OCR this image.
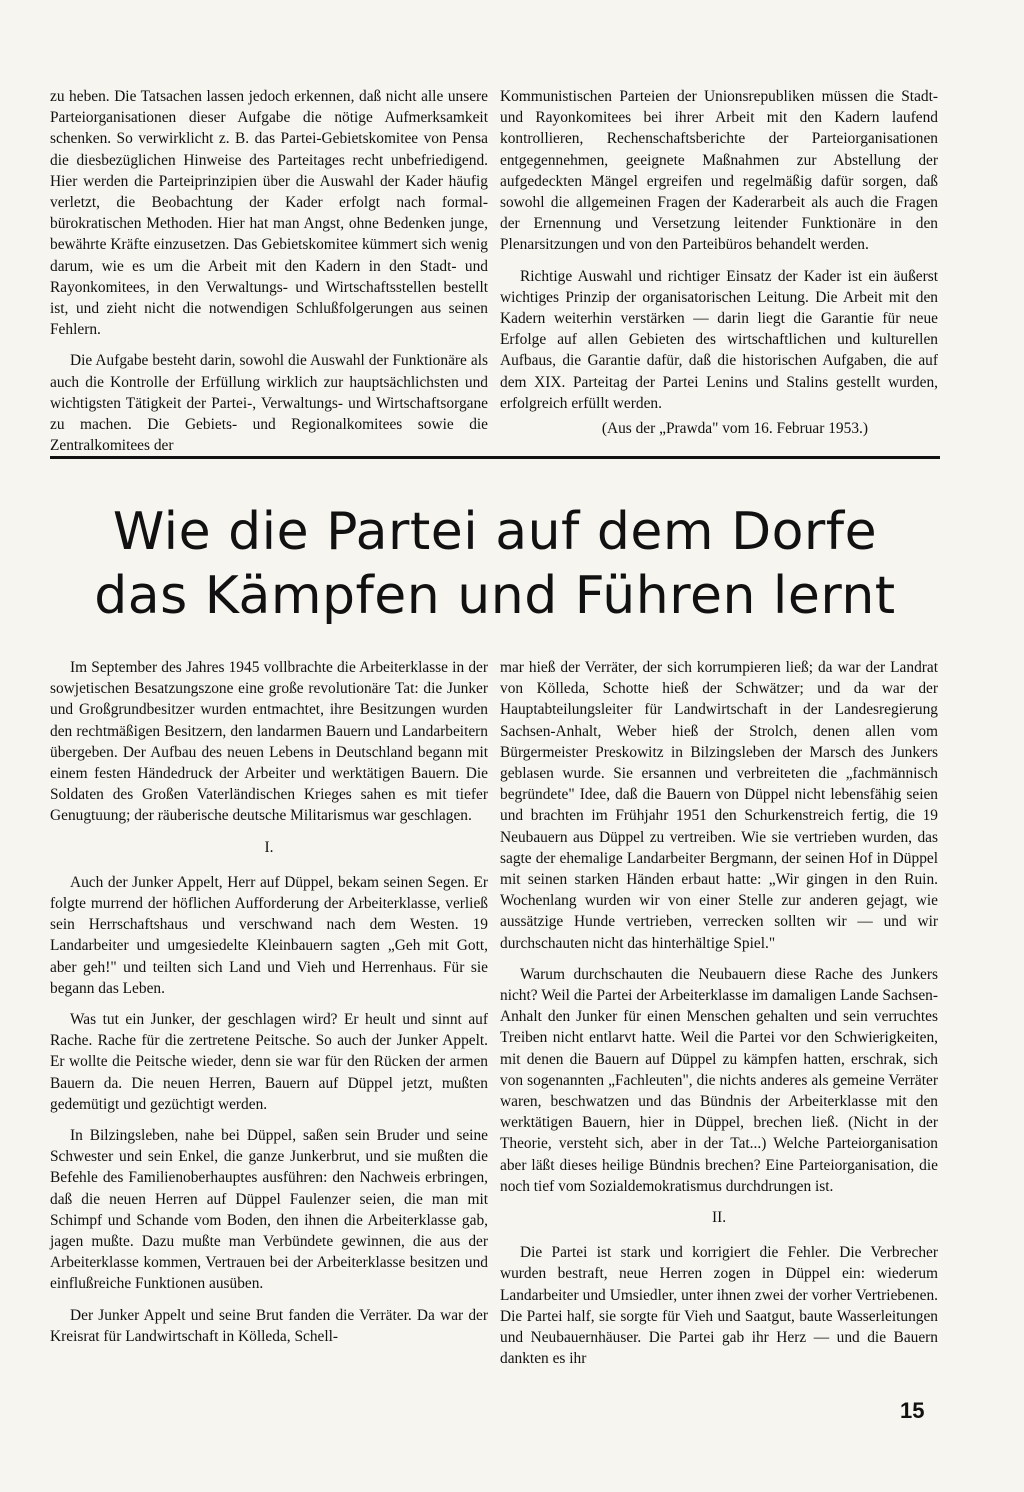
zu heben. Die Tatsachen lassen jedoch erkennen, daß nicht alle unsere Parteiorganisationen dieser Aufgabe die nötige Aufmerksamkeit schenken. So verwirklicht z. B. das Partei-Gebietskomitee von Pensa die diesbezüglichen Hinweise des Parteitages recht unbefriedigend. Hier werden die Parteiprinzipien über die Auswahl der Kader häufig verletzt, die Beobachtung der Kader erfolgt nach formal-bürokratischen Methoden. Hier hat man Angst, ohne Bedenken junge, bewährte Kräfte einzusetzen. Das Gebietskomitee kümmert sich wenig darum, wie es um die Arbeit mit den Kadern in den Stadt- und Rayonkomitees, in den Verwaltungs- und Wirtschaftsstellen bestellt ist, und zieht nicht die notwendigen Schlußfolgerungen aus seinen Fehlern.

Die Aufgabe besteht darin, sowohl die Auswahl der Funktionäre als auch die Kontrolle der Erfüllung wirklich zur hauptsächlichsten und wichtigsten Tätigkeit der Partei-, Verwaltungs- und Wirtschaftsorgane zu machen. Die Gebiets- und Regionalkomitees sowie die Zentralkomitees der

Kommunistischen Parteien der Unionsrepubliken müssen die Stadt- und Rayonkomitees bei ihrer Arbeit mit den Kadern laufend kontrollieren, Rechenschaftsberichte der Parteiorganisationen entgegennehmen, geeignete Maßnahmen zur Abstellung der aufgedeckten Mängel ergreifen und regelmäßig dafür sorgen, daß sowohl die allgemeinen Fragen der Kaderarbeit als auch die Fragen der Ernennung und Versetzung leitender Funktionäre in den Plenarsitzungen und von den Parteibüros behandelt werden.

Richtige Auswahl und richtiger Einsatz der Kader ist ein äußerst wichtiges Prinzip der organisatorischen Leitung. Die Arbeit mit den Kadern weiterhin verstärken — darin liegt die Garantie für neue Erfolge auf allen Gebieten des wirtschaftlichen und kulturellen Aufbaus, die Garantie dafür, daß die historischen Aufgaben, die auf dem XIX. Parteitag der Partei Lenins und Stalins gestellt wurden, erfolgreich erfüllt werden.

(Aus der „Prawda" vom 16. Februar 1953.)
Wie die Partei auf dem Dorfe
das Kämpfen und Führen lernt

Im September des Jahres 1945 vollbrachte die Arbeiterklasse in der sowjetischen Besatzungszone eine große revolutionäre Tat: die Junker und Großgrundbesitzer wurden entmachtet, ihre Besitzungen wurden den rechtmäßigen Besitzern, den landarmen Bauern und Landarbeitern übergeben. Der Aufbau des neuen Lebens in Deutschland begann mit einem festen Händedruck der Arbeiter und werktätigen Bauern. Die Soldaten des Großen Vaterländischen Krieges sahen es mit tiefer Genugtuung; der räuberische deutsche Militarismus war geschlagen.

I.

Auch der Junker Appelt, Herr auf Düppel, bekam seinen Segen. Er folgte murrend der höflichen Aufforderung der Arbeiterklasse, verließ sein Herrschaftshaus und verschwand nach dem Westen. 19 Landarbeiter und umgesiedelte Kleinbauern sagten „Geh mit Gott, aber geh!" und teilten sich Land und Vieh und Herrenhaus. Für sie begann das Leben.

Was tut ein Junker, der geschlagen wird? Er heult und sinnt auf Rache. Rache für die zertretene Peitsche. So auch der Junker Appelt. Er wollte die Peitsche wieder, denn sie war für den Rücken der armen Bauern da. Die neuen Herren, Bauern auf Düppel jetzt, mußten gedemütigt und gezüchtigt werden.

In Bilzingsleben, nahe bei Düppel, saßen sein Bruder und seine Schwester und sein Enkel, die ganze Junkerbrut, und sie mußten die Befehle des Familienoberhauptes ausführen: den Nachweis erbringen, daß die neuen Herren auf Düppel Faulenzer seien, die man mit Schimpf und Schande vom Boden, den ihnen die Arbeiterklasse gab, jagen mußte. Dazu mußte man Verbündete gewinnen, die aus der Arbeiterklasse kommen, Vertrauen bei der Arbeiterklasse besitzen und einflußreiche Funktionen ausüben.

Der Junker Appelt und seine Brut fanden die Verräter. Da war der Kreisrat für Landwirtschaft in Kölleda, Schell-

mar hieß der Verräter, der sich korrumpieren ließ; da war der Landrat von Kölleda, Schotte hieß der Schwätzer; und da war der Hauptabteilungsleiter für Landwirtschaft in der Landesregierung Sachsen-Anhalt, Weber hieß der Strolch, denen allen vom Bürgermeister Preskowitz in Bilzingsleben der Marsch des Junkers geblasen wurde. Sie ersannen und verbreiteten die „fachmännisch begründete" Idee, daß die Bauern von Düppel nicht lebensfähig seien und brachten im Frühjahr 1951 den Schurkenstreich fertig, die 19 Neubauern aus Düppel zu vertreiben. Wie sie vertrieben wurden, das sagte der ehemalige Landarbeiter Bergmann, der seinen Hof in Düppel mit seinen starken Händen erbaut hatte: „Wir gingen in den Ruin. Wochenlang wurden wir von einer Stelle zur anderen gejagt, wie aussätzige Hunde vertrieben, verrecken sollten wir — und wir durchschauten nicht das hinterhältige Spiel."

Warum durchschauten die Neubauern diese Rache des Junkers nicht? Weil die Partei der Arbeiterklasse im damaligen Lande Sachsen-Anhalt den Junker für einen Menschen gehalten und sein verruchtes Treiben nicht entlarvt hatte. Weil die Partei vor den Schwierigkeiten, mit denen die Bauern auf Düppel zu kämpfen hatten, erschrak, sich von sogenannten „Fachleuten", die nichts anderes als gemeine Verräter waren, beschwatzen und das Bündnis der Arbeiterklasse mit den werktätigen Bauern, hier in Düppel, brechen ließ. (Nicht in der Theorie, versteht sich, aber in der Tat...) Welche Parteiorganisation aber läßt dieses heilige Bündnis brechen? Eine Parteiorganisation, die noch tief vom Sozialdemokratismus durchdrungen ist.

II.

Die Partei ist stark und korrigiert die Fehler. Die Verbrecher wurden bestraft, neue Herren zogen in Düppel ein: wiederum Landarbeiter und Umsiedler, unter ihnen zwei der vorher Vertriebenen. Die Partei half, sie sorgte für Vieh und Saatgut, baute Wasserleitungen und Neubauernhäuser. Die Partei gab ihr Herz — und die Bauern dankten es ihr

15
